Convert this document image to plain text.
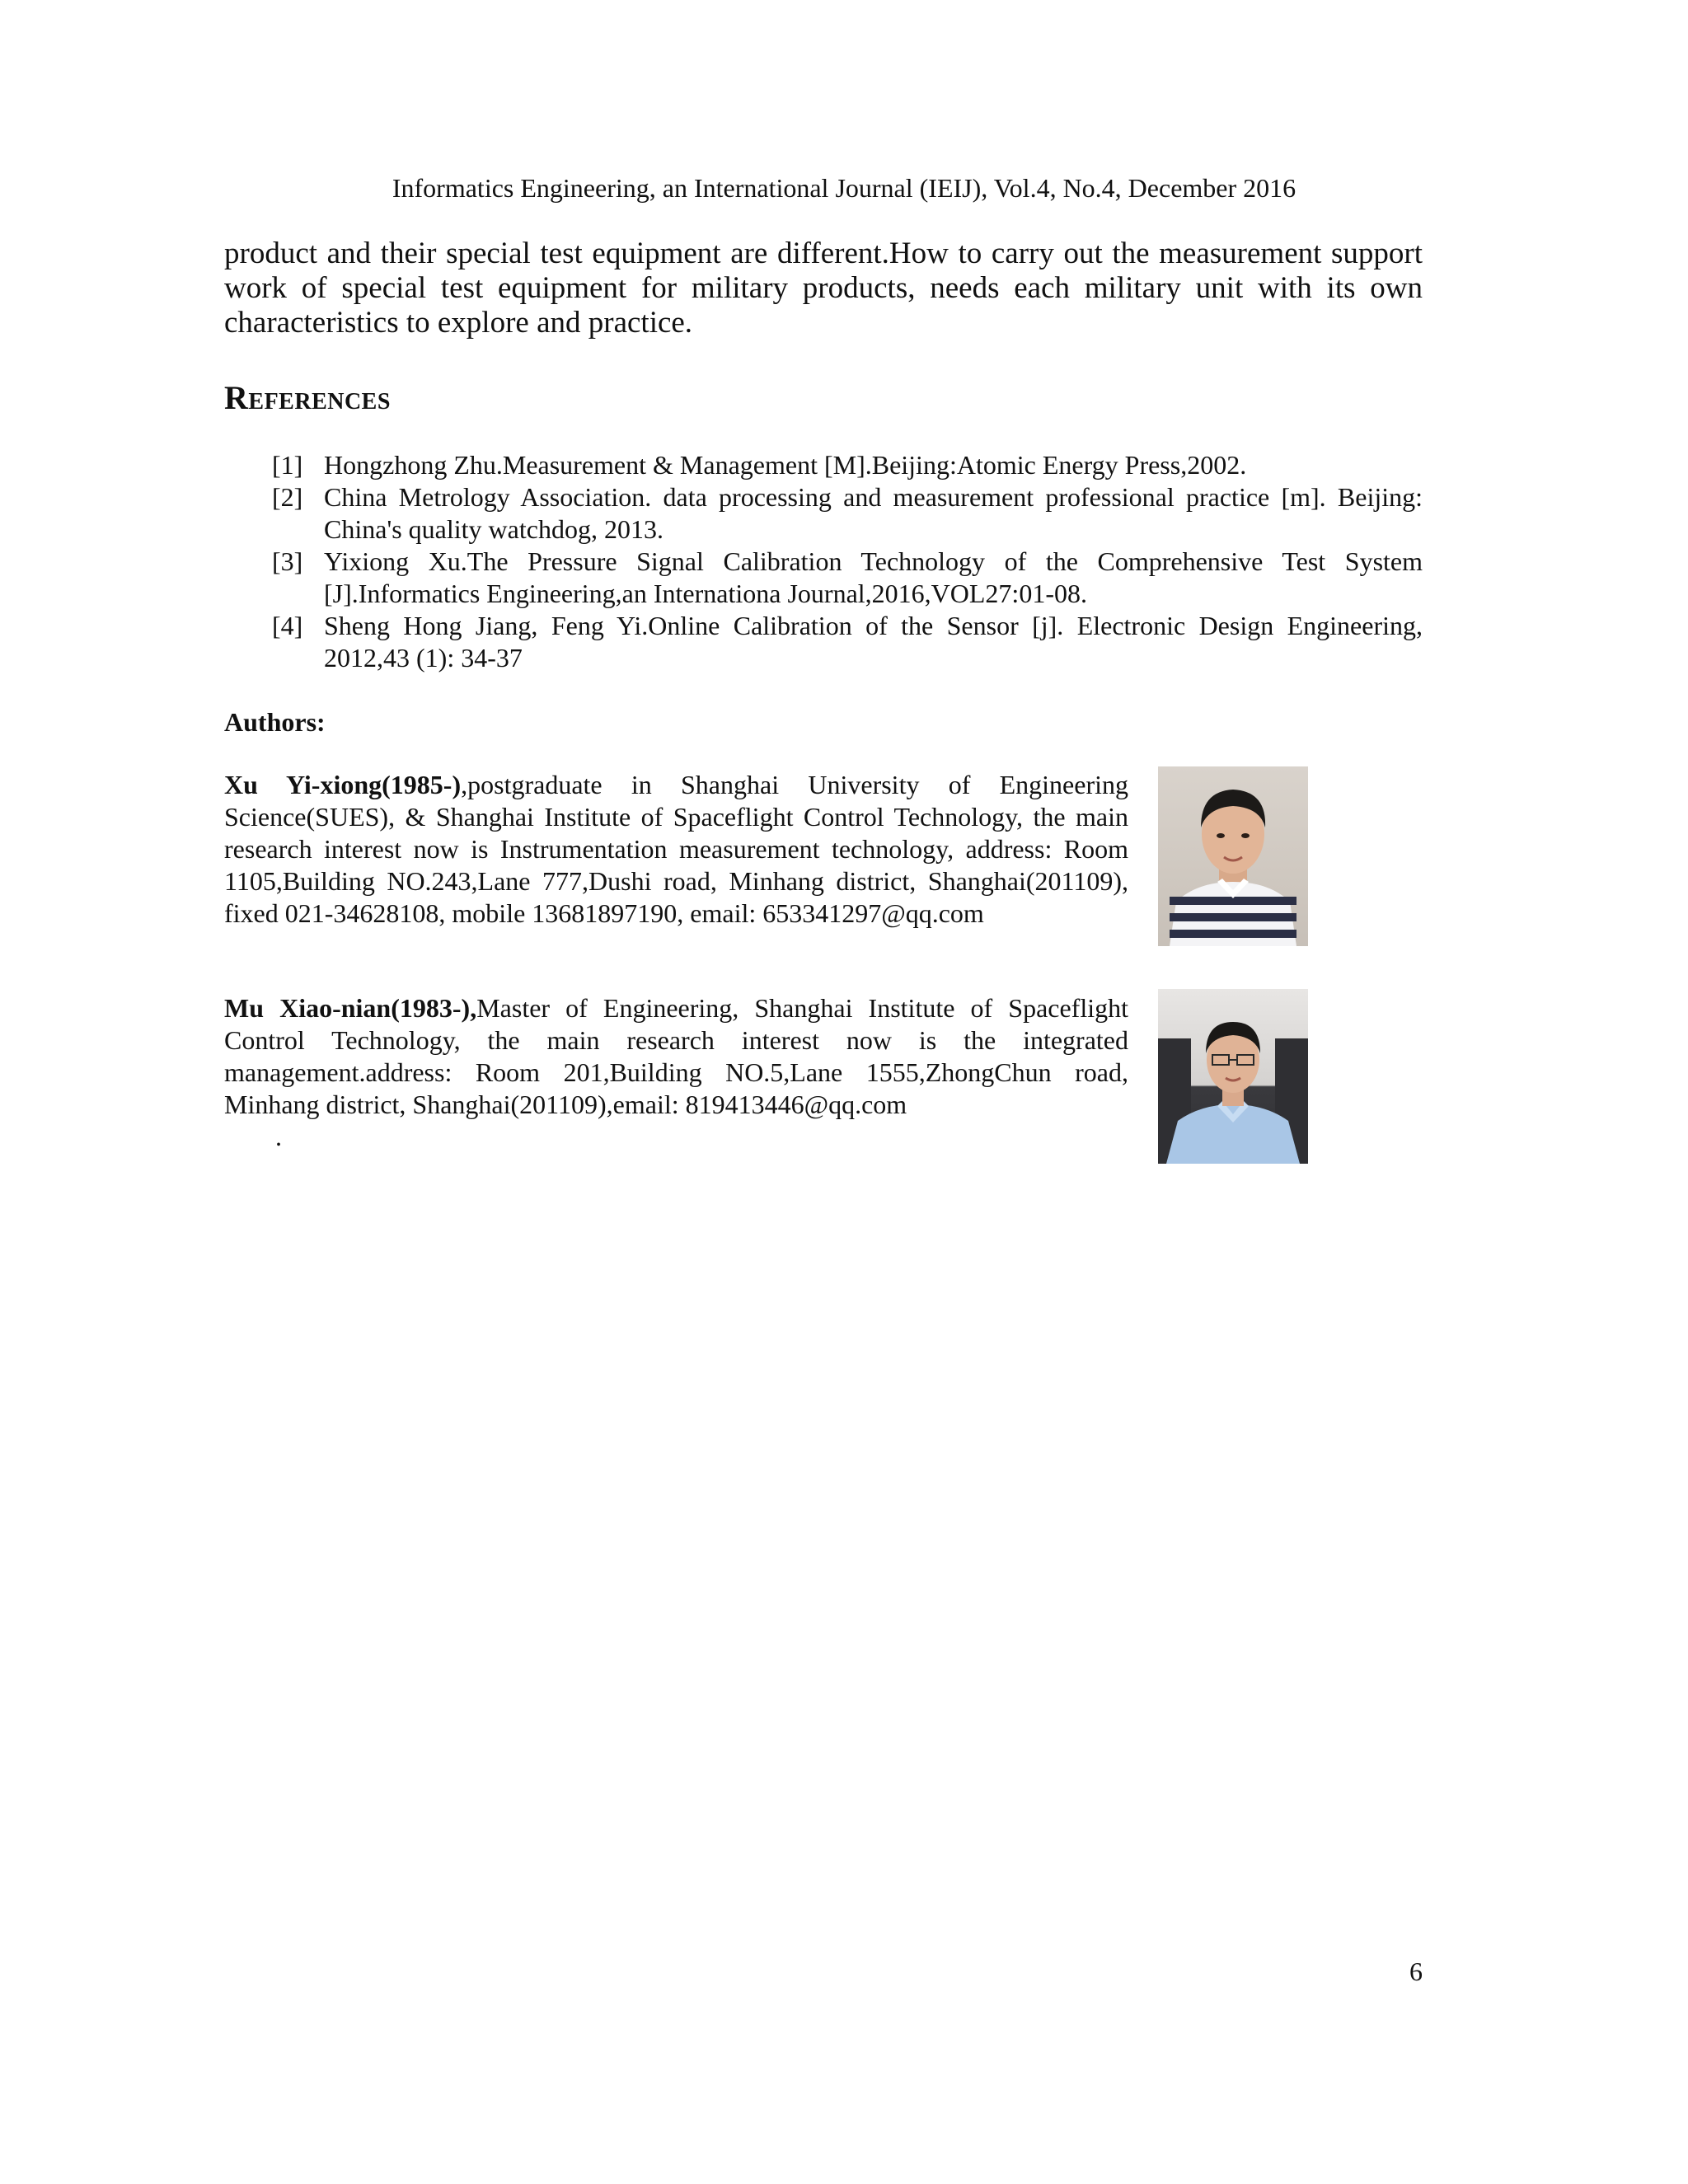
Informatics Engineering, an International Journal (IEIJ), Vol.4, No.4, December 2016

product and their special test equipment are different.How to carry out the measurement support work of special test equipment for military products, needs each military unit with its own characteristics to explore and practice.

References
[1] Hongzhong Zhu.Measurement & Management [M].Beijing:Atomic Energy Press,2002.
[2] China Metrology Association. data processing and measurement professional practice [m]. Beijing: China's quality watchdog, 2013.
[3] Yixiong Xu.The Pressure Signal Calibration Technology of the Comprehensive Test System [J].Informatics Engineering,an Internationa Journal,2016,VOL27:01-08.
[4] Sheng Hong Jiang, Feng Yi.Online Calibration of the Sensor [j]. Electronic Design Engineering, 2012,43 (1): 34-37
Authors:

Xu Yi-xiong(1985-),postgraduate in Shanghai University of Engineering Science(SUES), & Shanghai Institute of Spaceflight Control Technology, the main research interest now is Instrumentation measurement technology, address: Room 1105,Building NO.243,Lane 777,Dushi road, Minhang district, Shanghai(201109), fixed 021-34628108, mobile 13681897190, email: 653341297@qq.com

Mu Xiao-nian(1983-),Master of Engineering, Shanghai Institute of Spaceflight Control Technology, the main research interest now is the integrated management.address: Room 201,Building NO.5,Lane 1555,ZhongChun road, Minhang district, Shanghai(201109),email: 819413446@qq.com

.
6
